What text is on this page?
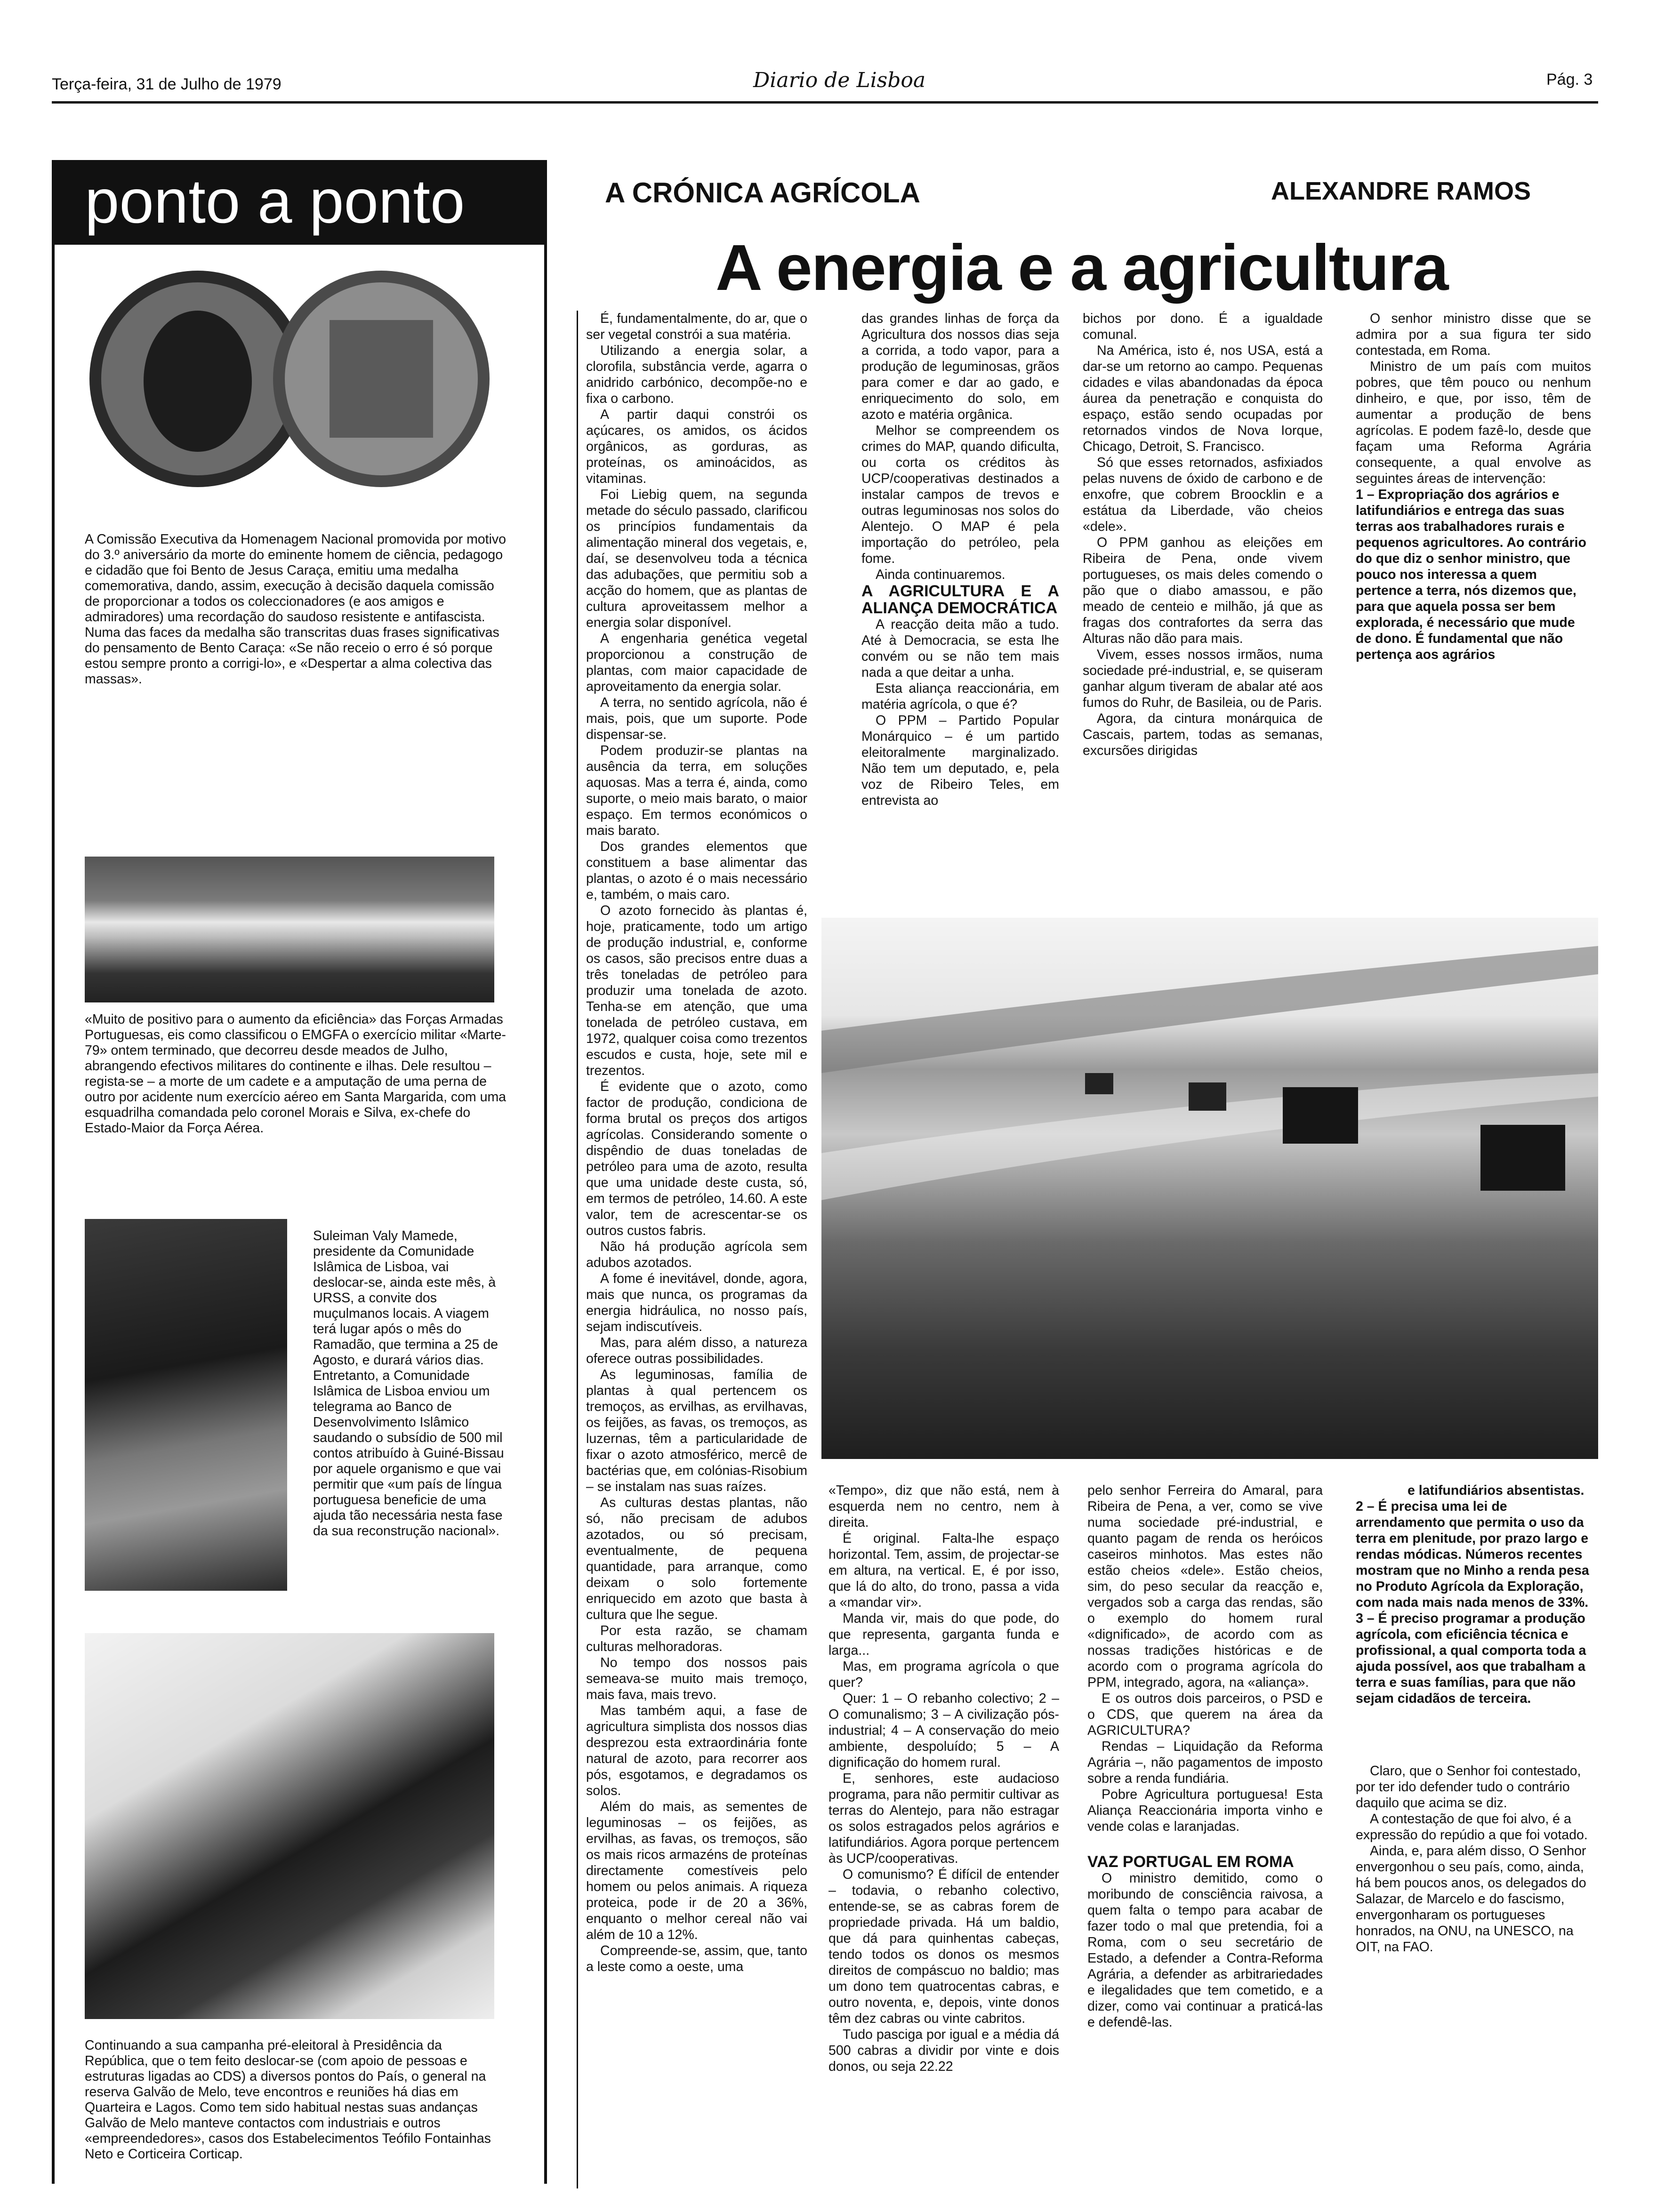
Terça-feira, 31 de Julho de 1979	Diario de Lisboa	Pág. 3
ponto a ponto
A Comissão Executiva da Homenagem Nacional promovida por motivo do 3.º aniversário da morte do eminente homem de ciência, pedagogo e cidadão que foi Bento de Jesus Caraça, emitiu uma medalha comemorativa, dando, assim, execução à decisão daquela comissão de proporcionar a todos os coleccionadores (e aos amigos e admiradores) uma recordação do saudoso resistente e antifascista. Numa das faces da medalha são transcritas duas frases significativas do pensamento de Bento Caraça: «Se não receio o erro é só porque estou sempre pronto a corrigi-lo», e «Despertar a alma colectiva das massas».
«Muito de positivo para o aumento da eficiência» das Forças Armadas Portuguesas, eis como classificou o EMGFA o exercício militar «Marte-79» ontem terminado, que decorreu desde meados de Julho, abrangendo efectivos militares do continente e ilhas. Dele resultou – regista-se – a morte de um cadete e a amputação de uma perna de outro por acidente num exercício aéreo em Santa Margarida, com uma esquadrilha comandada pelo coronel Morais e Silva, ex-chefe do Estado-Maior da Força Aérea.
Suleiman Valy Mamede, presidente da Comunidade Islâmica de Lisboa, vai deslocar-se, ainda este mês, à URSS, a convite dos muçulmanos locais. A viagem terá lugar após o mês do Ramadão, que termina a 25 de Agosto, e durará vários dias. Entretanto, a Comunidade Islâmica de Lisboa enviou um telegrama ao Banco de Desenvolvimento Islâmico saudando o subsídio de 500 mil contos atribuído à Guiné-Bissau por aquele organismo e que vai permitir que «um país de língua portuguesa beneficie de uma ajuda tão necessária nesta fase da sua reconstrução nacional».
Continuando a sua campanha pré-eleitoral à Presidência da República, que o tem feito deslocar-se (com apoio de pessoas e estruturas ligadas ao CDS) a diversos pontos do País, o general na reserva Galvão de Melo, teve encontros e reuniões há dias em Quarteira e Lagos. Como tem sido habitual nestas suas andanças Galvão de Melo manteve contactos com industriais e outros «empreendedores», casos dos Estabelecimentos Teófilo Fontainhas Neto e Corticeira Corticap.
A CRÓNICA AGRÍCOLA	ALEXANDRE RAMOS
A energia e a agricultura

É, fundamentalmente, do ar, que o ser vegetal constrói a sua matéria.

Utilizando a energia solar, a clorofila, substância verde, agarra o anidrido carbónico, decompõe-no e fixa o carbono.

A partir daqui constrói os açúcares, os amidos, os ácidos orgânicos, as gorduras, as proteínas, os aminoácidos, as vitaminas.

Foi Liebig quem, na segunda metade do século passado, clarificou os princípios fundamentais da alimentação mineral dos vegetais, e, daí, se desenvolveu toda a técnica das adubações, que permitiu sob a acção do homem, que as plantas de cultura aproveitassem melhor a energia solar disponível.

A engenharia genética vegetal proporcionou a construção de plantas, com maior capacidade de aproveitamento da energia solar.

A terra, no sentido agrícola, não é mais, pois, que um suporte. Pode dispensar-se.

Podem produzir-se plantas na ausência da terra, em soluções aquosas. Mas a terra é, ainda, como suporte, o meio mais barato, o maior espaço. Em termos económicos o mais barato.

Dos grandes elementos que constituem a base alimentar das plantas, o azoto é o mais necessário e, também, o mais caro.

O azoto fornecido às plantas é, hoje, praticamente, todo um artigo de produção industrial, e, conforme os casos, são precisos entre duas a três toneladas de petróleo para produzir uma tonelada de azoto. Tenha-se em atenção, que uma tonelada de petróleo custava, em 1972, qualquer coisa como trezentos escudos e custa, hoje, sete mil e trezentos.

É evidente que o azoto, como factor de produção, condiciona de forma brutal os preços dos artigos agrícolas. Considerando somente o dispêndio de duas toneladas de petróleo para uma de azoto, resulta que uma unidade deste custa, só, em termos de petróleo, 14.60. A este valor, tem de acrescentar-se os outros custos fabris.

Não há produção agrícola sem adubos azotados.

A fome é inevitável, donde, agora, mais que nunca, os programas da energia hidráulica, no nosso país, sejam indiscutíveis.

Mas, para além disso, a natureza oferece outras possibilidades.

As leguminosas, família de plantas à qual pertencem os tremoços, as ervilhas, as ervilhavas, os feijões, as favas, os tremoços, as luzernas, têm a particularidade de fixar o azoto atmosférico, mercê de bactérias que, em colónias-Risobium – se instalam nas suas raízes.

As culturas destas plantas, não só, não precisam de adubos azotados, ou só precisam, eventualmente, de pequena quantidade, para arranque, como deixam o solo fortemente enriquecido em azoto que basta à cultura que lhe segue.

Por esta razão, se chamam culturas melhoradoras.

No tempo dos nossos pais semeava-se muito mais tremoço, mais fava, mais trevo.

Mas também aqui, a fase de agricultura simplista dos nossos dias desprezou esta extraordinária fonte natural de azoto, para recorrer aos pós, esgotamos, e degradamos os solos.

Além do mais, as sementes de leguminosas – os feijões, as ervilhas, as favas, os tremoços, são os mais ricos armazéns de proteínas directamente comestíveis pelo homem ou pelos animais. A riqueza proteica, pode ir de 20 a 36%, enquanto o melhor cereal não vai além de 10 a 12%.

Compreende-se, assim, que, tanto a leste como a oeste, uma

das grandes linhas de força da Agricultura dos nossos dias seja a corrida, a todo vapor, para a produção de leguminosas, grãos para comer e dar ao gado, e enriquecimento do solo, em azoto e matéria orgânica.

Melhor se compreendem os crimes do MAP, quando dificulta, ou corta os créditos às UCP/cooperativas destinados a instalar campos de trevos e outras leguminosas nos solos do Alentejo. O MAP é pela importação do petróleo, pela fome.

Ainda continuaremos.

A AGRICULTURA E A ALIANÇA DEMOCRÁTICA

A reacção deita mão a tudo. Até à Democracia, se esta lhe convém ou se não tem mais nada a que deitar a unha.

Esta aliança reaccionária, em matéria agrícola, o que é?

O PPM – Partido Popular Monárquico – é um partido eleitoralmente marginalizado. Não tem um deputado, e, pela voz de Ribeiro Teles, em entrevista ao

bichos por dono. É a igualdade comunal.

Na América, isto é, nos USA, está a dar-se um retorno ao campo. Pequenas cidades e vilas abandonadas da época áurea da penetração e conquista do espaço, estão sendo ocupadas por retornados vindos de Nova Iorque, Chicago, Detroit, S. Francisco.

Só que esses retornados, asfixiados pelas nuvens de óxido de carbono e de enxofre, que cobrem Broocklin e a estátua da Liberdade, vão cheios «dele».

O PPM ganhou as eleições em Ribeira de Pena, onde vivem portugueses, os mais deles comendo o pão que o diabo amassou, e pão meado de centeio e milhão, já que as fragas dos contrafortes da serra das Alturas não dão para mais.

Vivem, esses nossos irmãos, numa sociedade pré-industrial, e, se quiseram ganhar algum tiveram de abalar até aos fumos do Ruhr, de Basileia, ou de Paris.

Agora, da cintura monárquica de Cascais, partem, todas as semanas, excursões dirigidas

O senhor ministro disse que se admira por a sua figura ter sido contestada, em Roma.

Ministro de um país com muitos pobres, que têm pouco ou nenhum dinheiro, e que, por isso, têm de aumentar a produção de bens agrícolas. E podem fazê-lo, desde que façam uma Reforma Agrária consequente, a qual envolve as seguintes áreas de intervenção:

1 – Expropriação dos agrários e latifundiários e entrega das suas terras aos trabalhadores rurais e pequenos agricultores. Ao contrário do que diz o senhor ministro, que pouco nos interessa a quem pertence a terra, nós dizemos que, para que aquela possa ser bem explorada, é necessário que mude de dono. É fundamental que não pertença aos agrários

«Tempo», diz que não está, nem à esquerda nem no centro, nem à direita.

É original. Falta-lhe espaço horizontal. Tem, assim, de projectar-se em altura, na vertical. E, é por isso, que lá do alto, do trono, passa a vida a «mandar vir».

Manda vir, mais do que pode, do que representa, garganta funda e larga...

Mas, em programa agrícola o que quer?

Quer: 1 – O rebanho colectivo; 2 – O comunalismo; 3 – A civilização pós-industrial; 4 – A conservação do meio ambiente, despoluído; 5 – A dignificação do homem rural.

E, senhores, este audacioso programa, para não permitir cultivar as terras do Alentejo, para não estragar os solos estragados pelos agrários e latifundiários. Agora porque pertencem às UCP/cooperativas.

O comunismo? É difícil de entender – todavia, o rebanho colectivo, entende-se, se as cabras forem de propriedade privada. Há um baldio, que dá para quinhentas cabeças, tendo todos os donos os mesmos direitos de compáscuo no baldio; mas um dono tem quatrocentas cabras, e outro noventa, e, depois, vinte donos têm dez cabras ou vinte cabritos.

Tudo pasciga por igual e a média dá 500 cabras a dividir por vinte e dois donos, ou seja 22.22

pelo senhor Ferreira do Amaral, para Ribeira de Pena, a ver, como se vive numa sociedade pré-industrial, e quanto pagam de renda os heróicos caseiros minhotos. Mas estes não estão cheios «dele». Estão cheios, sim, do peso secular da reacção e, vergados sob a carga das rendas, são o exemplo do homem rural «dignificado», de acordo com as nossas tradições históricas e de acordo com o programa agrícola do PPM, integrado, agora, na «aliança».

E os outros dois parceiros, o PSD e o CDS, que querem na área da AGRICULTURA?

Rendas – Liquidação da Reforma Agrária –, não pagamentos de imposto sobre a renda fundiária.

Pobre Agricultura portuguesa! Esta Aliança Reaccionária importa vinho e vende colas e laranjadas.

VAZ PORTUGAL EM ROMA

O ministro demitido, como o moribundo de consciência raivosa, a quem falta o tempo para acabar de fazer todo o mal que pretendia, foi a Roma, com o seu secretário de Estado, a defender a Contra-Reforma Agrária, a defender as arbitrariedades e ilegalidades que tem cometido, e a dizer, como vai continuar a praticá-las e defendê-las.

e latifundiários absentistas.

2 – É precisa uma lei de arrendamento que permita o uso da terra em plenitude, por prazo largo e rendas módicas. Números recentes mostram que no Minho a renda pesa no Produto Agrícola da Exploração, com nada mais nada menos de 33%.

3 – É preciso programar a produção agrícola, com eficiência técnica e profissional, a qual comporta toda a ajuda possível, aos que trabalham a terra e suas famílias, para que não sejam cidadãos de terceira.

Claro, que o Senhor foi contestado, por ter ido defender tudo o contrário daquilo que acima se diz.

A contestação de que foi alvo, é a expressão do repúdio a que foi votado.

Ainda, e, para além disso, O Senhor envergonhou o seu país, como, ainda, há bem poucos anos, os delegados do Salazar, de Marcelo e do fascismo, envergonharam os portugueses honrados, na ONU, na UNESCO, na OIT, na FAO.
